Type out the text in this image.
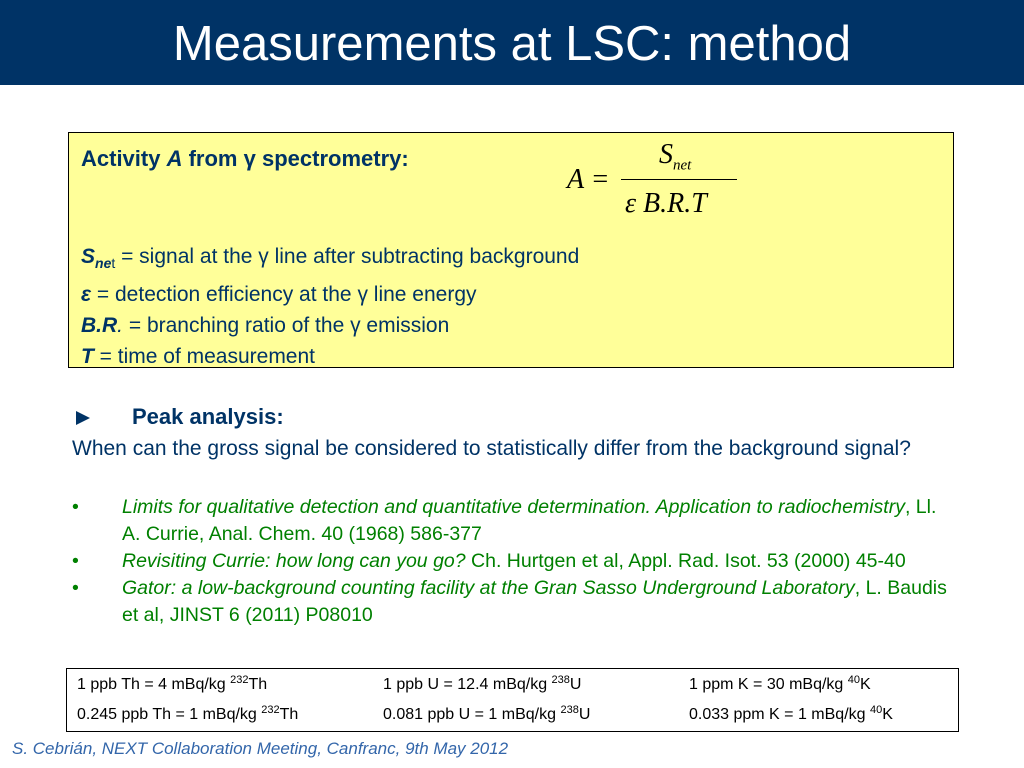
Measurements at LSC: method
Activity A from γ spectrometry:
A =
$S_{net}$
ε B.R.T
$S_{net}$ = signal at the γ line after subtracting background
ε = detection efficiency at the γ line energy
B.R. = branching ratio of the γ emission
T = time of measurement
Peak analysis:
When can the gross signal be considered to statistically differ from the background signal?
• Limits for qualitative detection and quantitative determination. Application to radiochemistry, Ll. A. Currie, Anal. Chem. 40 (1968) 586-377
• Revisiting Currie: how long can you go? Ch. Hurtgen et al, Appl. Rad. Isot. 53 (2000) 45-40
• Gator: a low-background counting facility at the Gran Sasso Underground Laboratory, L. Baudis et al, JINST 6 (2011) P08010
1 ppb Th = 4 mBq/kg $^{232}$Th	1 ppb U = 12.4 mBq/kg $^{238}$U	1 ppm K = 30 mBq/kg $^{40}$K
0.245 ppb Th = 1 mBq/kg $^{232}$Th	0.081 ppb U = 1 mBq/kg $^{238}$U	0.033 ppm K = 1 mBq/kg $^{40}$K
S. Cebrián, NEXT Collaboration Meeting, Canfranc, 9th May 2012
